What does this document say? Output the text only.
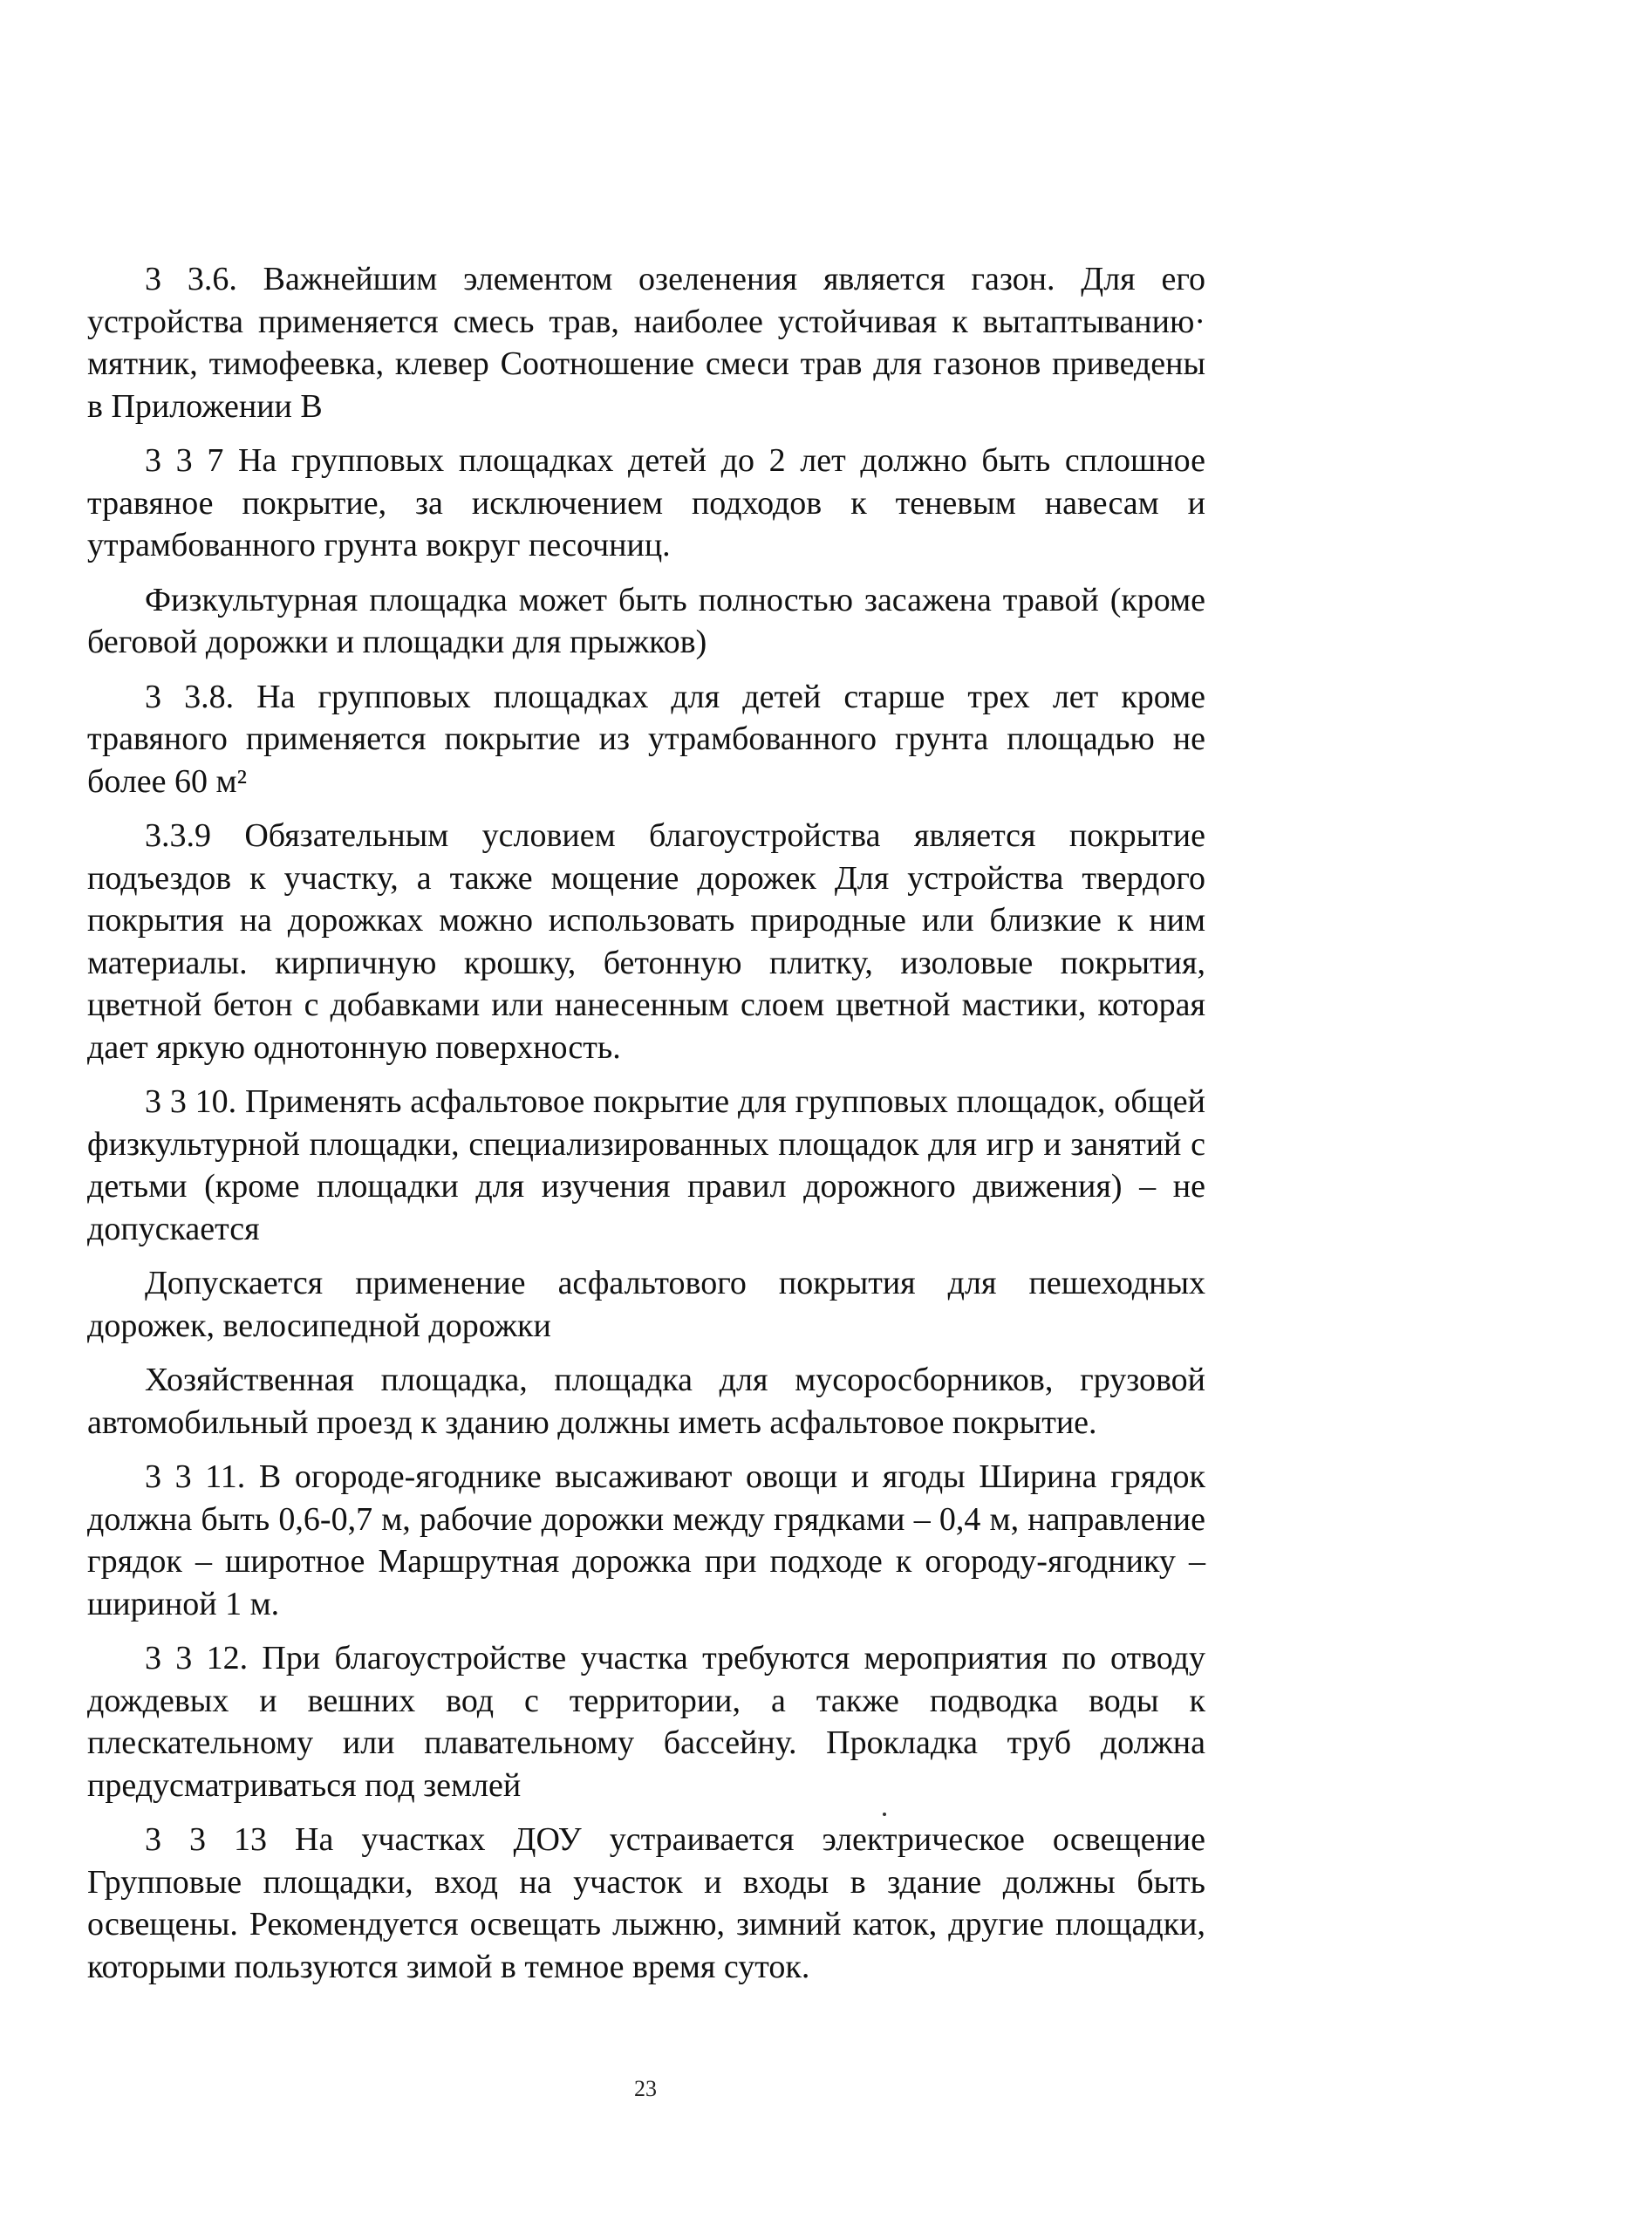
3 3.6. Важнейшим элементом озеленения является газон. Для его устройства применяется смесь трав, наиболее устойчивая к вытаптыванию· мятник, тимофеевка, клевер Соотношение смеси трав для газонов приведены в Приложении В

3 3 7 На групповых площадках детей до 2 лет должно быть сплошное травяное покрытие, за исключением подходов к теневым навесам и утрамбованного грунта вокруг песочниц.

Физкультурная площадка может быть полностью засажена травой (кроме беговой дорожки и площадки для прыжков)

3 3.8. На групповых площадках для детей старше трех лет кроме травяного применяется покрытие из утрамбованного грунта площадью не более 60 м²

3.3.9 Обязательным условием благоустройства является покрытие подъездов к участку, а также мощение дорожек Для устройства твердого покрытия на дорожках можно использовать природные или близкие к ним материалы. кирпичную крошку, бетонную плитку, изоловые покрытия, цветной бетон с добавками или нанесенным слоем цветной мастики, которая дает яркую однотонную поверхность.

3 3 10. Применять асфальтовое покрытие для групповых площадок, общей физкультурной площадки, специализированных площадок для игр и занятий с детьми (кроме площадки для изучения правил дорожного движения) – не допускается

Допускается применение асфальтового покрытия для пешеходных дорожек, велосипедной дорожки

Хозяйственная площадка, площадка для мусоросборников, грузовой автомобильный проезд к зданию должны иметь асфальтовое покрытие.

3 3 11. В огороде-ягоднике высаживают овощи и ягоды Ширина грядок должна быть 0,6-0,7 м, рабочие дорожки между грядками – 0,4 м, направление грядок – широтное Маршрутная дорожка при подходе к огороду-ягоднику – шириной 1 м.

3 3 12. При благоустройстве участка требуются мероприятия по отводу дождевых и вешних вод с территории, а также подводка воды к плескательному или плавательному бассейну. Прокладка труб должна предусматриваться под землей

3 3 13 На участках ДОУ устраивается электрическое освещение Групповые площадки, вход на участок и входы в здание должны быть освещены. Рекомендуется освещать лыжню, зимний каток, другие площадки, которыми пользуются зимой в темное время суток.

23
